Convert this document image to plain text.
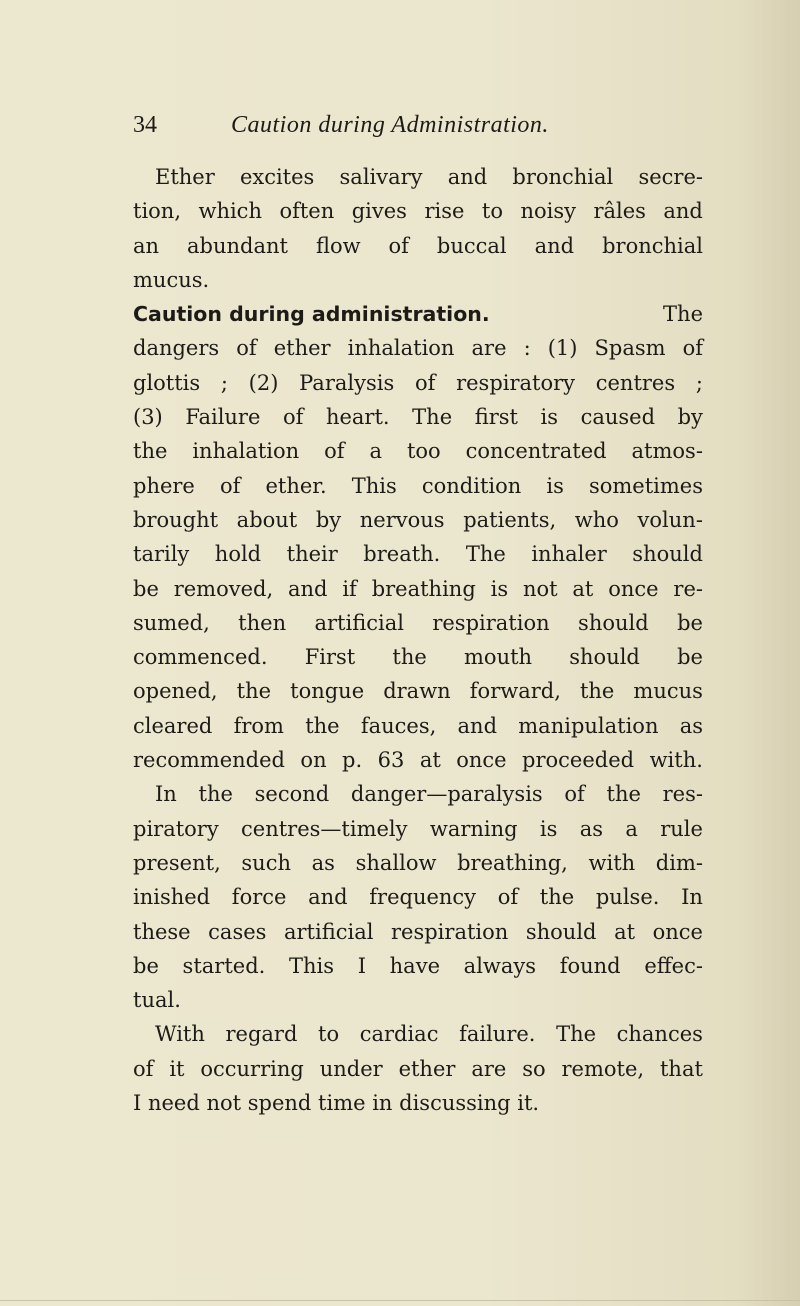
34	Caution during Administration.
Ether excites salivary and bronchial secre-
tion, which often gives rise to noisy râles and
an abundant flow of buccal and bronchial
mucus.
Caution during administration.	The
dangers of ether inhalation are : (1) Spasm of
glottis ; (2) Paralysis of respiratory centres ;
(3) Failure of heart. The first is caused by
the inhalation of a too concentrated atmos-
phere of ether. This condition is sometimes
brought about by nervous patients, who volun-
tarily hold their breath. The inhaler should
be removed, and if breathing is not at once re-
sumed, then artificial respiration should be
commenced. First the mouth should be
opened, the tongue drawn forward, the mucus
cleared from the fauces, and manipulation as
recommended on p. 63 at once proceeded with.
In the second danger—paralysis of the res-
piratory centres—timely warning is as a rule
present, such as shallow breathing, with dim-
inished force and frequency of the pulse. In
these cases artificial respiration should at once
be started. This I have always found effec-
tual.
With regard to cardiac failure. The chances
of it occurring under ether are so remote, that
I need not spend time in discussing it.
